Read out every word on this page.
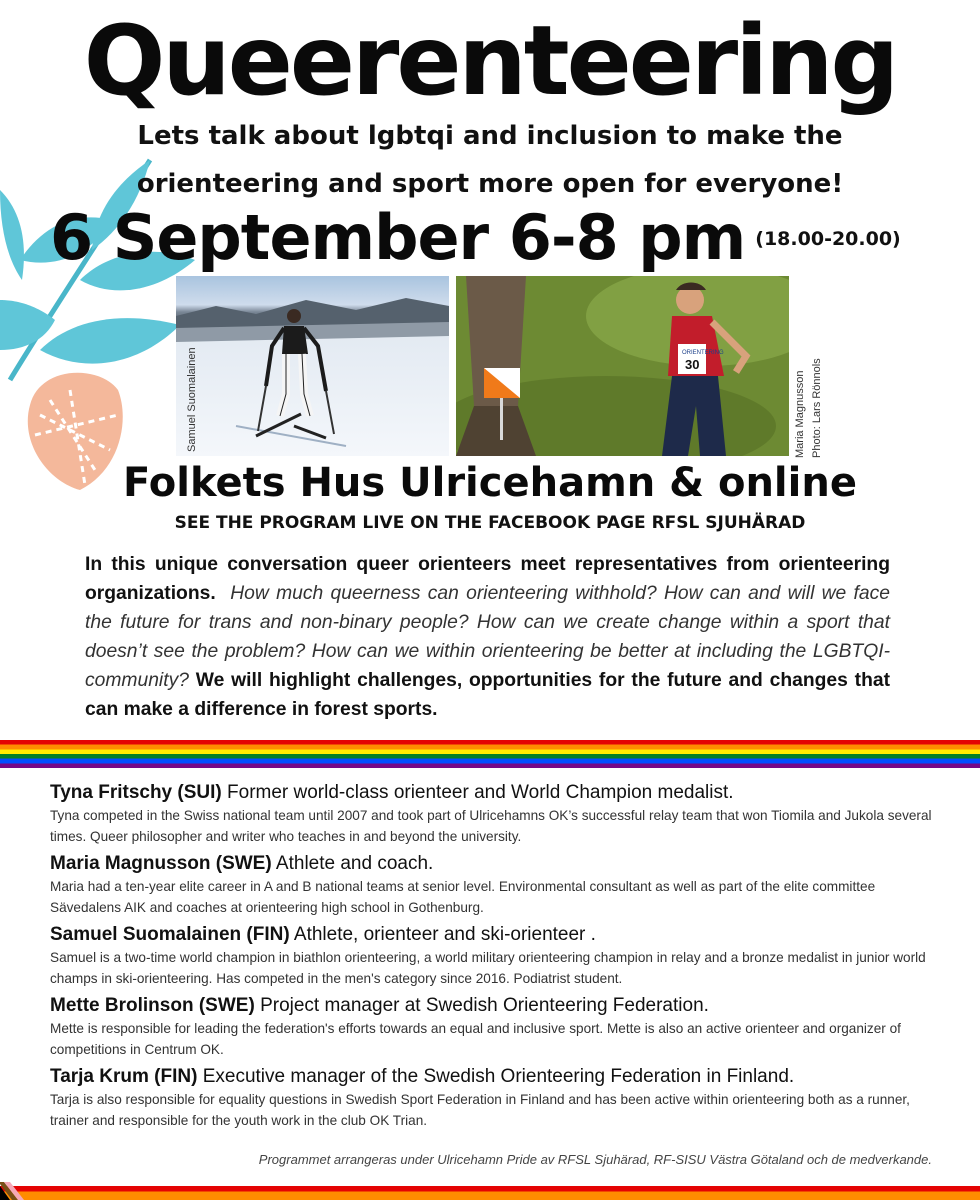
Queerenteering
Lets talk about lgbtqi and inclusion to make the
orienteering and sport more open for everyone!
6 September 6-8 pm (18.00-20.00)
Samuel Suomalainen	ORIENTERING
30
Maria Magnusson Photo: Lars Rönnols
Folkets Hus Ulricehamn & online
SEE THE PROGRAM LIVE ON THE FACEBOOK PAGE RFSL SJUHÄRAD
In this unique conversation queer orienteers meet representatives from orienteering organizations. How much queerness can orienteering withhold? How can and will we face the future for trans and non-binary people? How can we create change within a sport that doesn’t see the problem? How can we within orienteering be better at including the LGBTQI-community? We will highlight challenges, opportunities for the future and changes that can make a difference in forest sports.
Tyna Fritschy (SUI) Former world-class orienteer and World Champion medalist.
Tyna competed in the Swiss national team until 2007 and took part of Ulricehamns OK’s successful relay team that won Tiomila and Jukola several times. Queer philosopher and writer who teaches in and beyond the university.
Maria Magnusson (SWE) Athlete and coach.
Maria had a ten-year elite career in A and B national teams at senior level. Environmental consultant as well as part of the elite committee Sävedalens AIK and coaches at orienteering high school in Gothenburg.
Samuel Suomalainen (FIN) Athlete, orienteer and ski-orienteer .
Samuel is a two-time world champion in biathlon orienteering, a world military orienteering champion in relay and a bronze medalist in junior world champs in ski-orienteering. Has competed in the men's category since 2016. Podiatrist student.
Mette Brolinson (SWE) Project manager at Swedish Orienteering Federation.
Mette is responsible for leading the federation's efforts towards an equal and inclusive sport. Mette is also an active orienteer and organizer of competitions in Centrum OK.
Tarja Krum (FIN) Executive manager of the Swedish Orienteering Federation in Finland.
Tarja is also responsible for equality questions in Swedish Sport Federation in Finland and has been active within orienteering both as a runner, trainer and responsible for the youth work in the club OK Trian.
Programmet arrangeras under Ulricehamn Pride av RFSL Sjuhärad, RF-SISU Västra Götaland och de medverkande.
